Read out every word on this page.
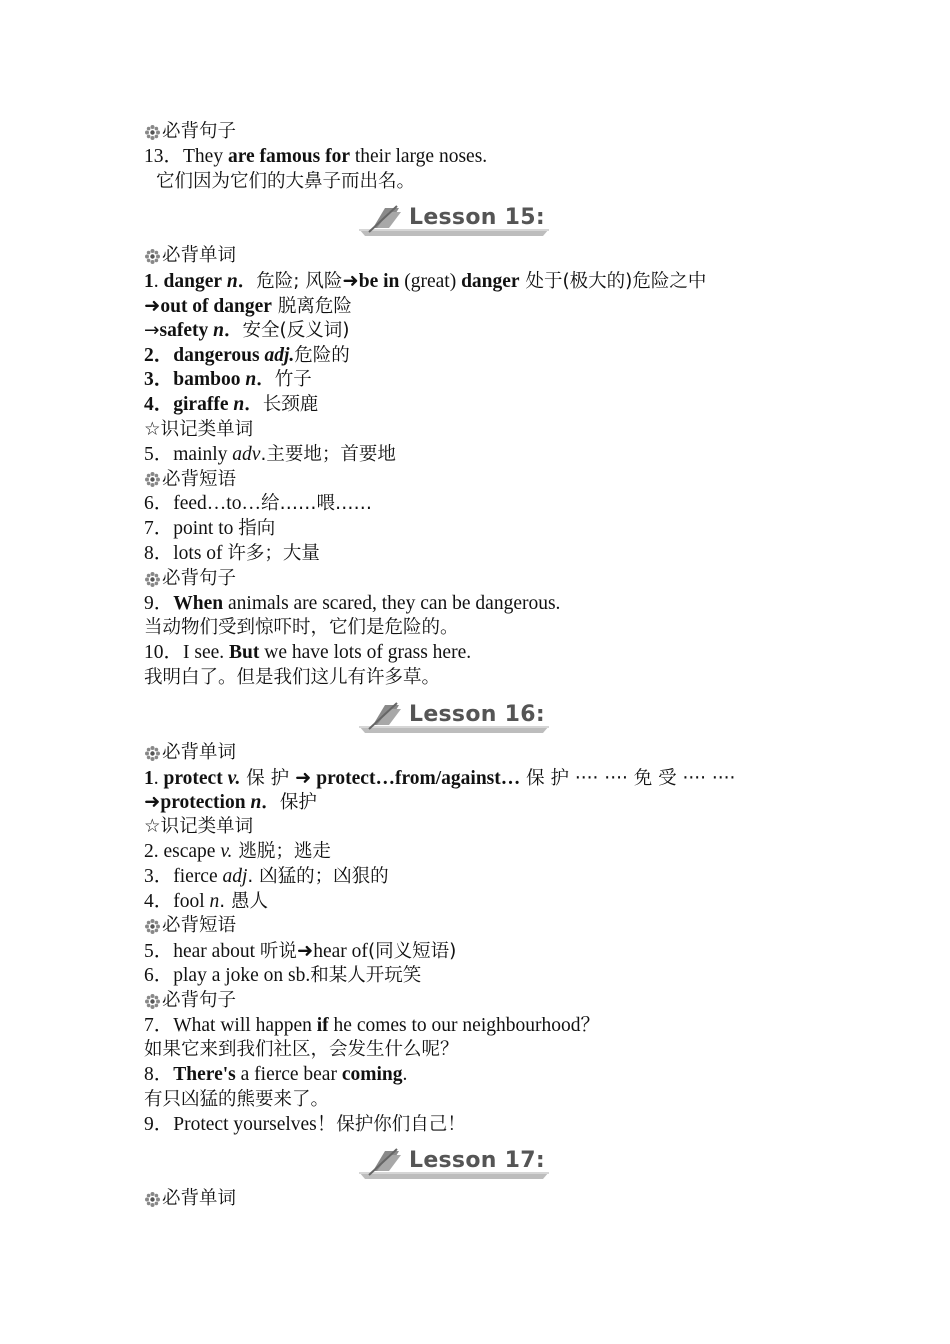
必背句子
13．They are famous for their large noses.
它们因为它们的大鼻子而出名。
Lesson 15:
必背单词
1. danger n．危险; 风险➜be in (great) danger 处于(极大的)危险之中
➜out of danger 脱离危险
→safety n．安全(反义词)
2．dangerous adj.危险的
3．bamboo n．竹子
4．giraffe n．长颈鹿
☆识记类单词
5．mainly adv.主要地；首要地
必背短语
6．feed…to…给……喂……
7．point to 指向
8．lots of 许多；大量
必背句子
9．When animals are scared, they can be dangerous.
当动物们受到惊吓时，它们是危险的。
10．I see. But we have lots of grass here.
我明白了。但是我们这儿有许多草。
Lesson 16:
必背单词
1. protect v. 保 护 ➜ protect…from/against… 保 护 ···· ···· 免 受 ···· ····
➜protection n．保护
☆识记类单词
2. escape v. 逃脱；逃走
3．fierce adj. 凶猛的；凶狠的
4．fool n. 愚人
必背短语
5．hear about 听说➜hear of(同义短语)
6．play a joke on sb.和某人开玩笑
必背句子
7．What will happen if he comes to our neighbourhood？
如果它来到我们社区，会发生什么呢？
8．There's a fierce bear coming.
有只凶猛的熊要来了。
9．Protect yourselves！保护你们自己！
Lesson 17:
必背单词
